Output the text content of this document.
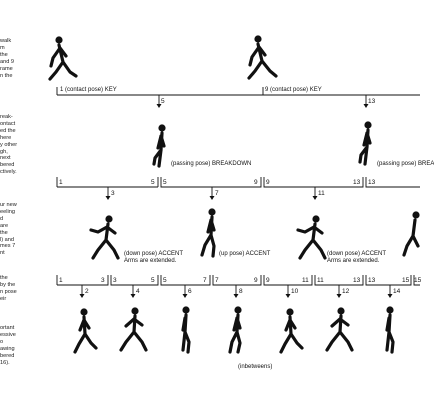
walk
m
the
and 9
rame
n the
reak-
ontact
ed the
here
y other
gh,
next
bered
ctively.
ur new
eeling
d
are
the
l) and
mes 7
nt
the
by the
n pose
eir
ortant
essive
o
awing
bered
16).
1 (contact pose) KEY	9 (contact pose) KEY
5	13
(passing pose) BREAKDOWN	(passing pose) BREA
1	5 5	9 9	13 13
3	7	11
(down pose) ACCENT
Arms are extended.
(up pose) ACCENT	(down pose) ACCENT
Arms are extended.
1	3 3	5 5	7 7	9 9	11 11	13 13	15 15
2	4	6	8	10	12	14
(inbetweens)
